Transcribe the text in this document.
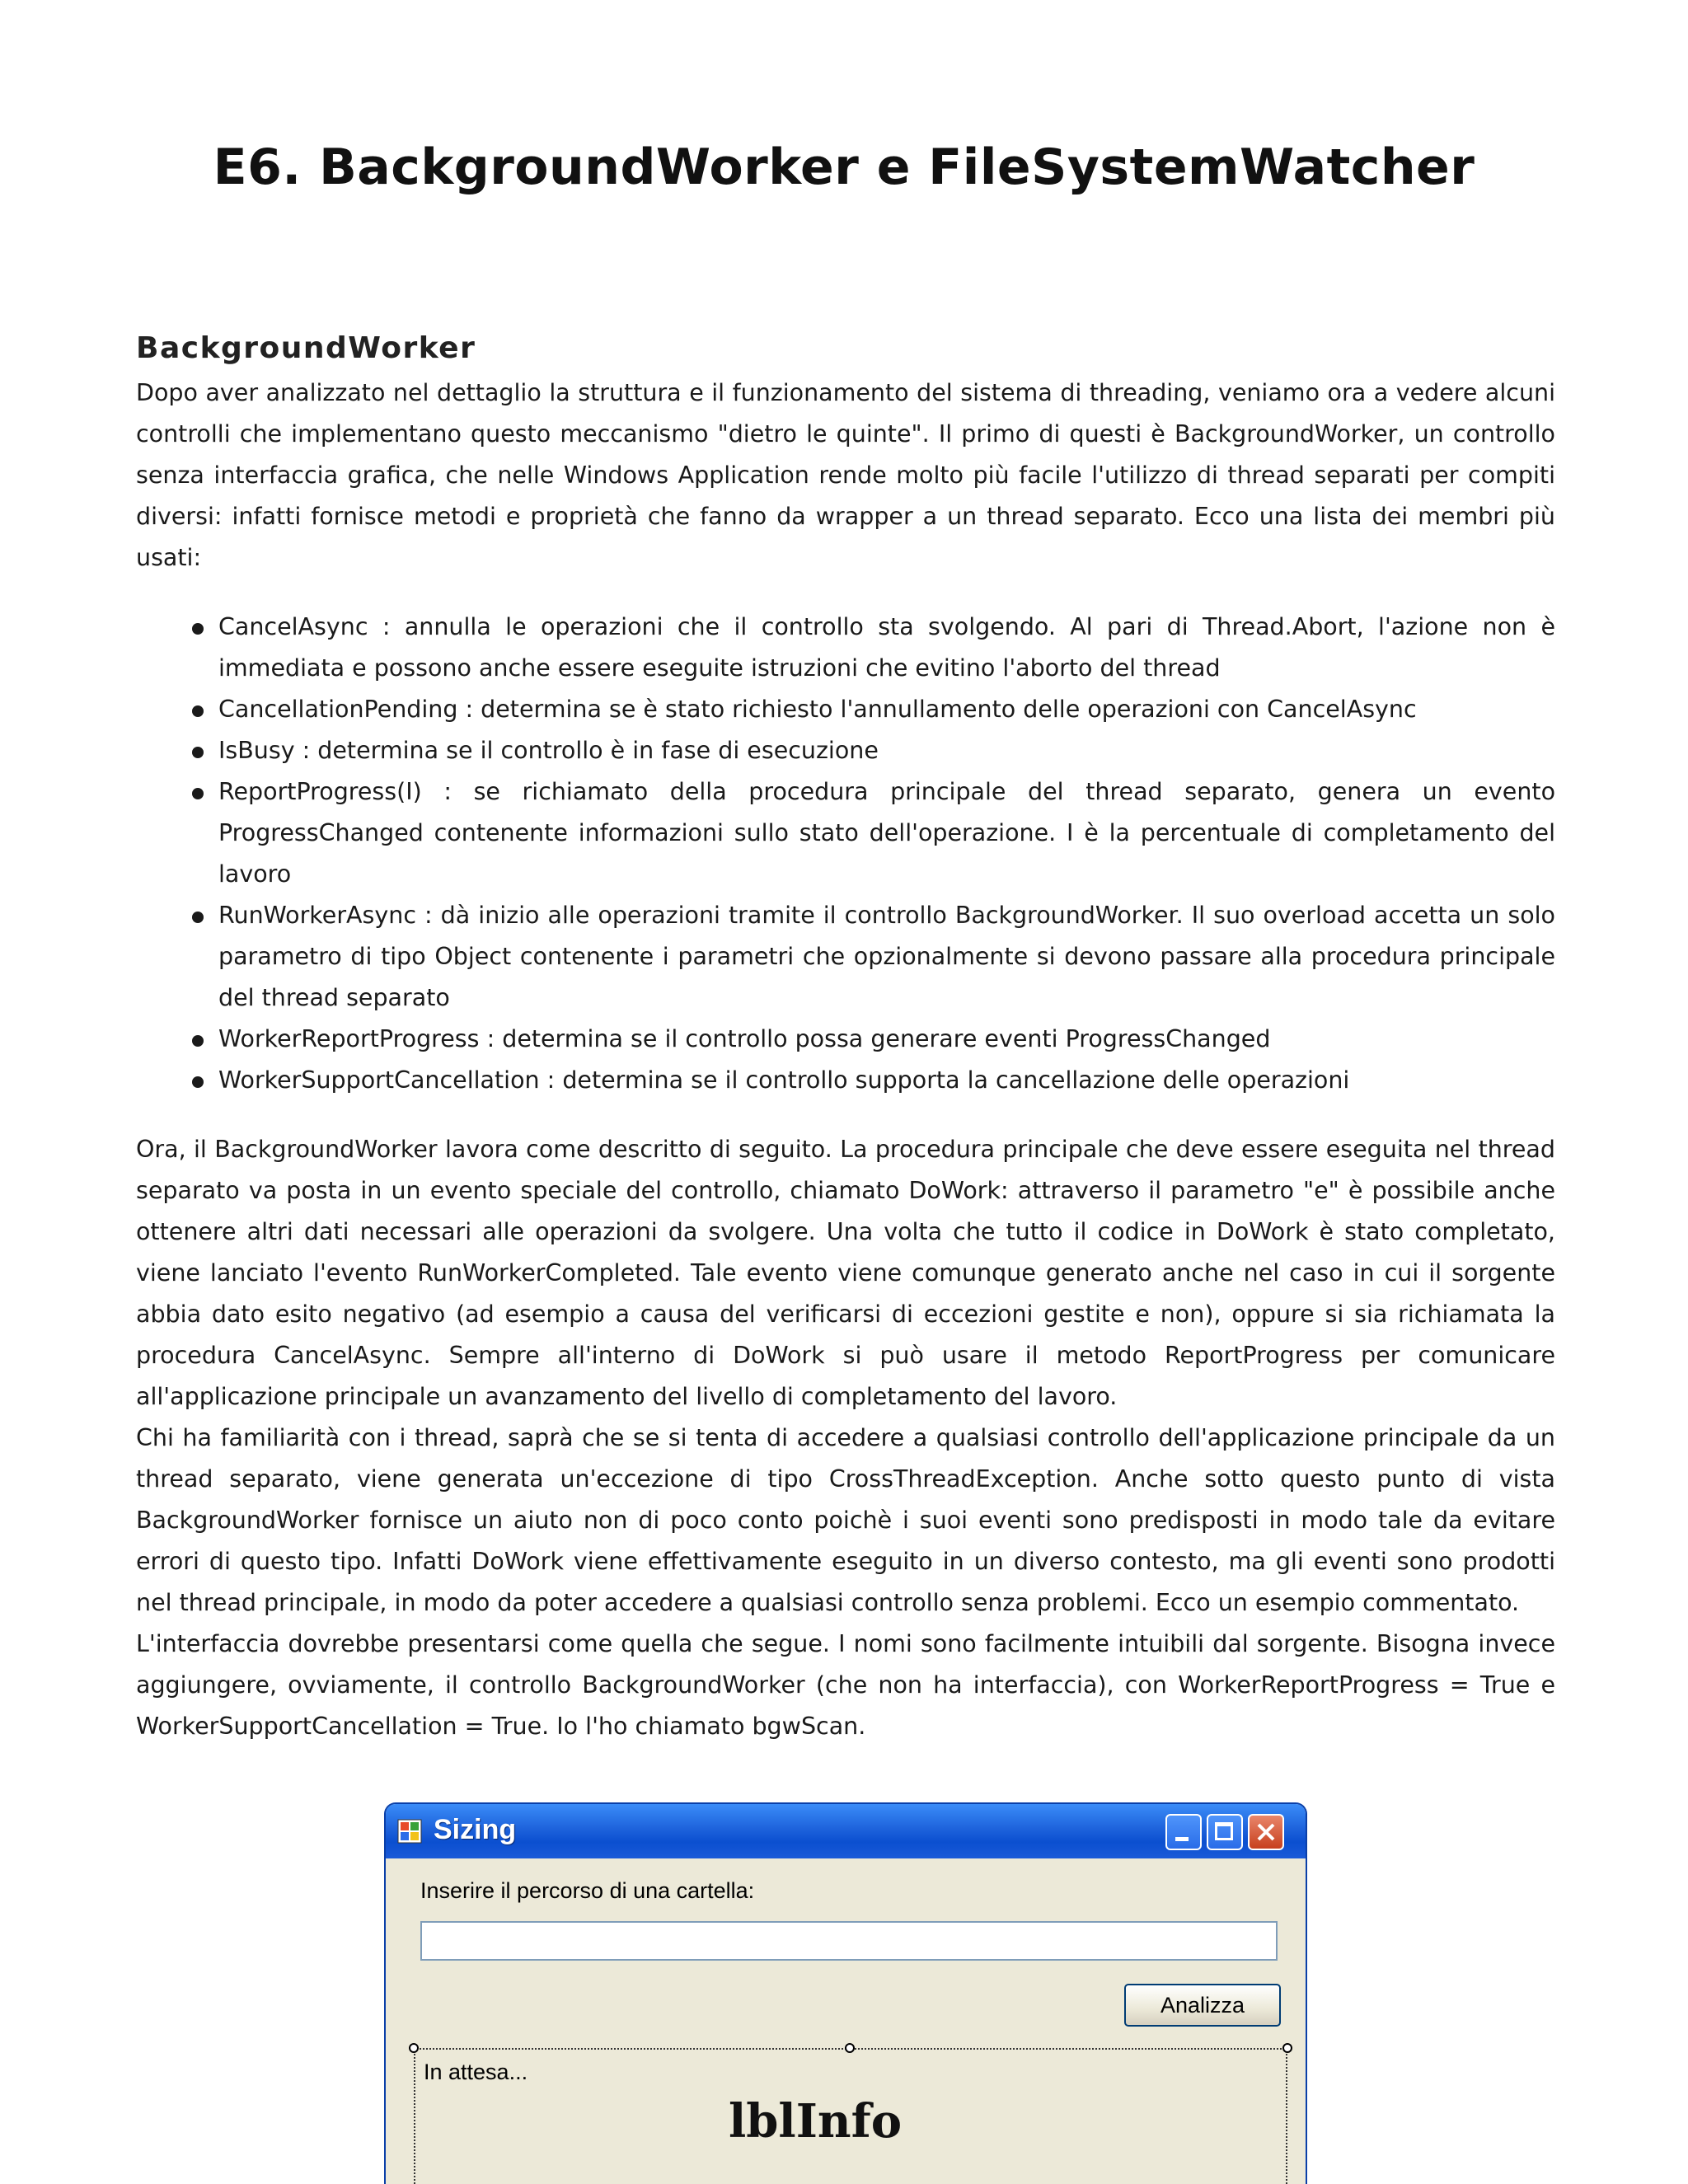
E6. BackgroundWorker e FileSystemWatcher
BackgroundWorker

Dopo aver analizzato nel dettaglio la struttura e il funzionamento del sistema di threading, veniamo ora a vedere alcuni controlli che implementano questo meccanismo "dietro le quinte". Il primo di questi è BackgroundWorker, un controllo senza interfaccia grafica, che nelle Windows Application rende molto più facile l'utilizzo di thread separati per compiti diversi: infatti fornisce metodi e proprietà che fanno da wrapper a un thread separato. Ecco una lista dei membri più usati:

CancelAsync : annulla le operazioni che il controllo sta svolgendo. Al pari di Thread.Abort, l'azione non è immediata e possono anche essere eseguite istruzioni che evitino l'aborto del thread
CancellationPending : determina se è stato richiesto l'annullamento delle operazioni con CancelAsync
IsBusy : determina se il controllo è in fase di esecuzione
ReportProgress(I) : se richiamato della procedura principale del thread separato, genera un evento ProgressChanged contenente informazioni sullo stato dell'operazione. I è la percentuale di completamento del lavoro
RunWorkerAsync : dà inizio alle operazioni tramite il controllo BackgroundWorker. Il suo overload accetta un solo parametro di tipo Object contenente i parametri che opzionalmente si devono passare alla procedura principale del thread separato
WorkerReportProgress : determina se il controllo possa generare eventi ProgressChanged
WorkerSupportCancellation : determina se il controllo supporta la cancellazione delle operazioni

Ora, il BackgroundWorker lavora come descritto di seguito. La procedura principale che deve essere eseguita nel thread separato va posta in un evento speciale del controllo, chiamato DoWork: attraverso il parametro "e" è possibile anche ottenere altri dati necessari alle operazioni da svolgere. Una volta che tutto il codice in DoWork è stato completato, viene lanciato l'evento RunWorkerCompleted. Tale evento viene comunque generato anche nel caso in cui il sorgente abbia dato esito negativo (ad esempio a causa del verificarsi di eccezioni gestite e non), oppure si sia richiamata la procedura CancelAsync. Sempre all'interno di DoWork si può usare il metodo ReportProgress per comunicare all'applicazione principale un avanzamento del livello di completamento del lavoro.

Chi ha familiarità con i thread, saprà che se si tenta di accedere a qualsiasi controllo dell'applicazione principale da un thread separato, viene generata un'eccezione di tipo CrossThreadException. Anche sotto questo punto di vista BackgroundWorker fornisce un aiuto non di poco conto poichè i suoi eventi sono predisposti in modo tale da evitare errori di questo tipo. Infatti DoWork viene effettivamente eseguito in un diverso contesto, ma gli eventi sono prodotti nel thread principale, in modo da poter accedere a qualsiasi controllo senza problemi. Ecco un esempio commentato.

L'interfaccia dovrebbe presentarsi come quella che segue. I nomi sono facilmente intuibili dal sorgente. Bisogna invece aggiungere, ovviamente, il controllo BackgroundWorker (che non ha interfaccia), con WorkerReportProgress = True e WorkerSupportCancellation = True. Io l'ho chiamato bgwScan.

Sizing
Inserire il percorso di una cartella:
Analizza
In attesa...
lblInfo
